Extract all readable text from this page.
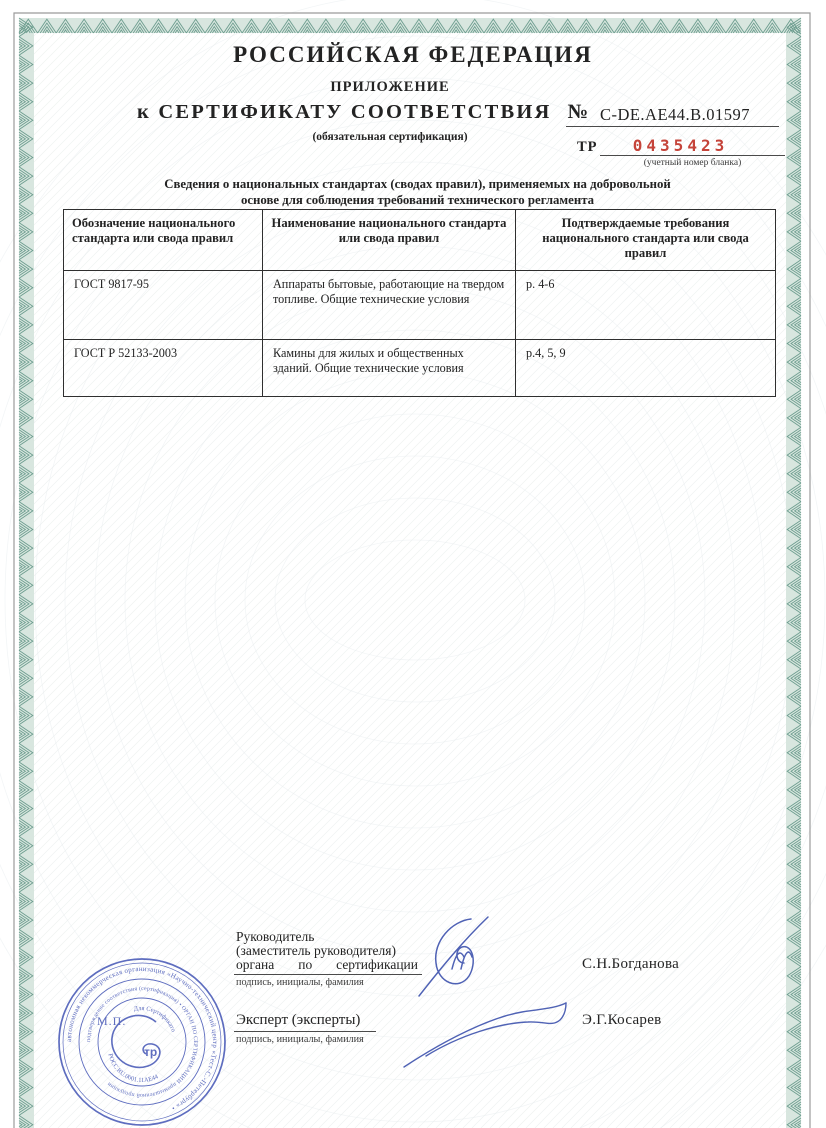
РОССИЙСКАЯ ФЕДЕРАЦИЯ
ПРИЛОЖЕНИЕ
к СЕРТИФИКАТУ СООТВЕТСТВИЯ № C-DE.AE44.B.01597
(обязательная сертификация)
ТР	0435423
(учетный номер бланка)
Сведения о национальных стандартах (сводах правил), применяемых на добровольной
основе для соблюдения требований технического регламента
Обозначение национального стандарта или свода правил	Наименование национального стандарта или свода правил	Подтверждаемые требования национального стандарта или свода правил
ГОСТ 9817-95	Аппараты бытовые, работающие на твердом топливе. Общие технические условия	р. 4-6
ГОСТ Р 52133-2003	Камины для жилых и общественных зданий. Общие технические условия	р.4, 5, 9
Руководитель
(заместитель руководителя)
органа по сертификации
подпись, инициалы, фамилия
С.Н.Богданова
Эксперт (эксперты)
подпись, инициалы, фамилия
Э.Г.Косарев
автономная некоммерческая организация «Научно-технический центр «Тест-С.-Петербург» •
подтверждение соответствия (сертификация) • ОРГАН ПО СЕРТИФИКАЦИИ промышленной продукции
РОСС RU.0001.11АЕ44
Для Сертификатов
М.П.
тр
